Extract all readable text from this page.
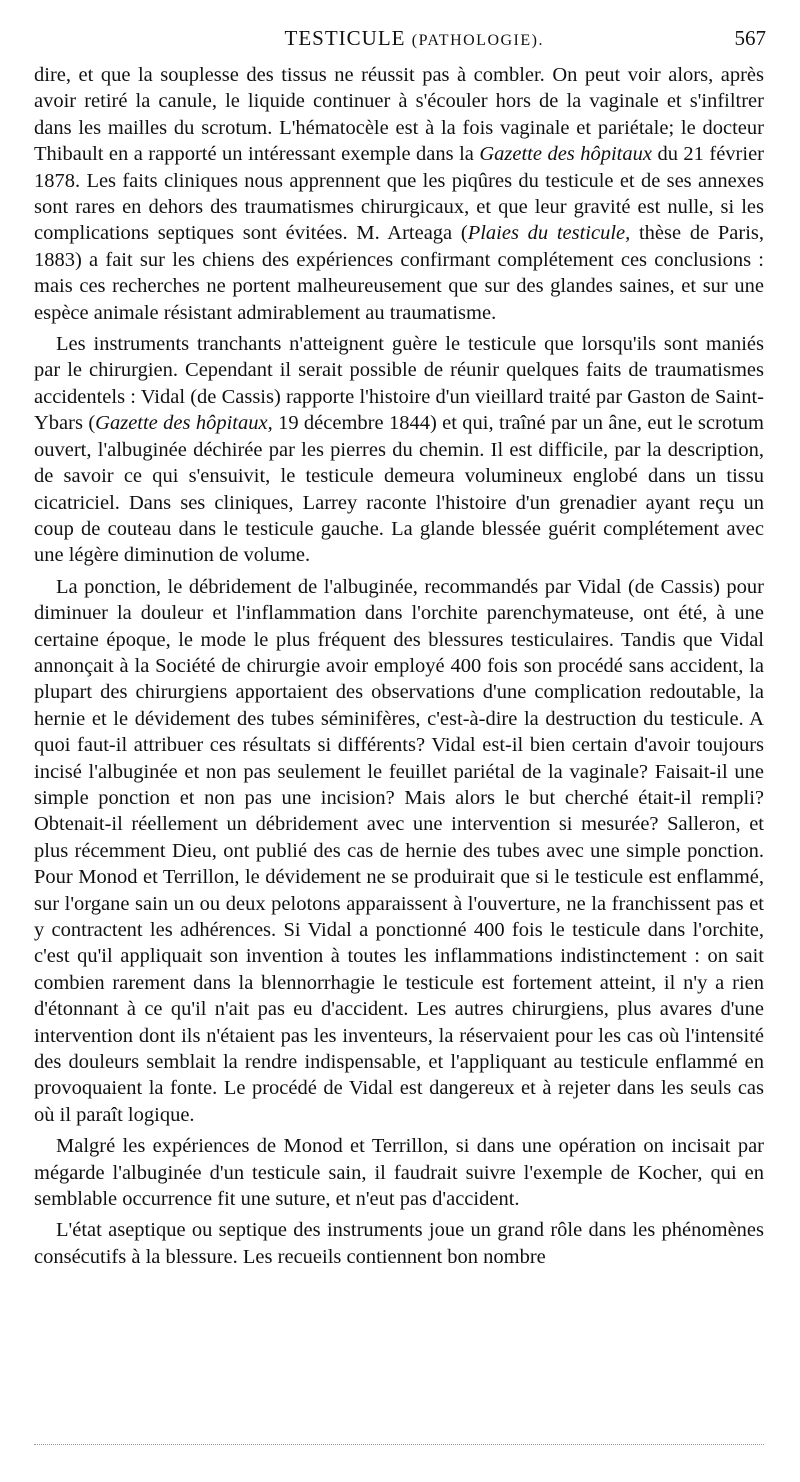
TESTICULE (PATHOLOGIE).	567

dire, et que la souplesse des tissus ne réussit pas à combler. On peut voir alors, après avoir retiré la canule, le liquide continuer à s'écouler hors de la vaginale et s'infiltrer dans les mailles du scrotum. L'hématocèle est à la fois vaginale et pariétale; le docteur Thibault en a rapporté un intéressant exemple dans la Gazette des hôpitaux du 21 février 1878. Les faits cliniques nous apprennent que les piqûres du testicule et de ses annexes sont rares en dehors des traumatismes chirurgicaux, et que leur gravité est nulle, si les complications septiques sont évitées. M. Arteaga (Plaies du testicule, thèse de Paris, 1883) a fait sur les chiens des expériences confirmant complétement ces conclusions : mais ces recherches ne portent malheureusement que sur des glandes saines, et sur une espèce animale résistant admirablement au traumatisme.

Les instruments tranchants n'atteignent guère le testicule que lorsqu'ils sont maniés par le chirurgien. Cependant il serait possible de réunir quelques faits de traumatismes accidentels : Vidal (de Cassis) rapporte l'histoire d'un vieillard traité par Gaston de Saint-Ybars (Gazette des hôpitaux, 19 décembre 1844) et qui, traîné par un âne, eut le scrotum ouvert, l'albuginée déchirée par les pierres du chemin. Il est difficile, par la description, de savoir ce qui s'ensuivit, le testicule demeura volumineux englobé dans un tissu cicatriciel. Dans ses cliniques, Larrey raconte l'histoire d'un grenadier ayant reçu un coup de couteau dans le testicule gauche. La glande blessée guérit complétement avec une légère diminution de volume.

La ponction, le débridement de l'albuginée, recommandés par Vidal (de Cassis) pour diminuer la douleur et l'inflammation dans l'orchite parenchymateuse, ont été, à une certaine époque, le mode le plus fréquent des blessures testiculaires. Tandis que Vidal annonçait à la Société de chirurgie avoir employé 400 fois son procédé sans accident, la plupart des chirurgiens apportaient des observations d'une complication redoutable, la hernie et le dévidement des tubes séminifères, c'est-à-dire la destruction du testicule. A quoi faut-il attribuer ces résultats si différents? Vidal est-il bien certain d'avoir toujours incisé l'albuginée et non pas seulement le feuillet pariétal de la vaginale? Faisait-il une simple ponction et non pas une incision? Mais alors le but cherché était-il rempli? Obtenait-il réellement un débridement avec une intervention si mesurée? Salleron, et plus récemment Dieu, ont publié des cas de hernie des tubes avec une simple ponction. Pour Monod et Terrillon, le dévidement ne se produirait que si le testicule est enflammé, sur l'organe sain un ou deux pelotons apparaissent à l'ouverture, ne la franchissent pas et y contractent les adhérences. Si Vidal a ponctionné 400 fois le testicule dans l'orchite, c'est qu'il appliquait son invention à toutes les inflammations indistinctement : on sait combien rarement dans la blennorrhagie le testicule est fortement atteint, il n'y a rien d'étonnant à ce qu'il n'ait pas eu d'accident. Les autres chirurgiens, plus avares d'une intervention dont ils n'étaient pas les inventeurs, la réservaient pour les cas où l'intensité des douleurs semblait la rendre indispensable, et l'appliquant au testicule enflammé en provoquaient la fonte. Le procédé de Vidal est dangereux et à rejeter dans les seuls cas où il paraît logique.

Malgré les expériences de Monod et Terrillon, si dans une opération on incisait par mégarde l'albuginée d'un testicule sain, il faudrait suivre l'exemple de Kocher, qui en semblable occurrence fit une suture, et n'eut pas d'accident.

L'état aseptique ou septique des instruments joue un grand rôle dans les phénomènes consécutifs à la blessure. Les recueils contiennent bon nombre
